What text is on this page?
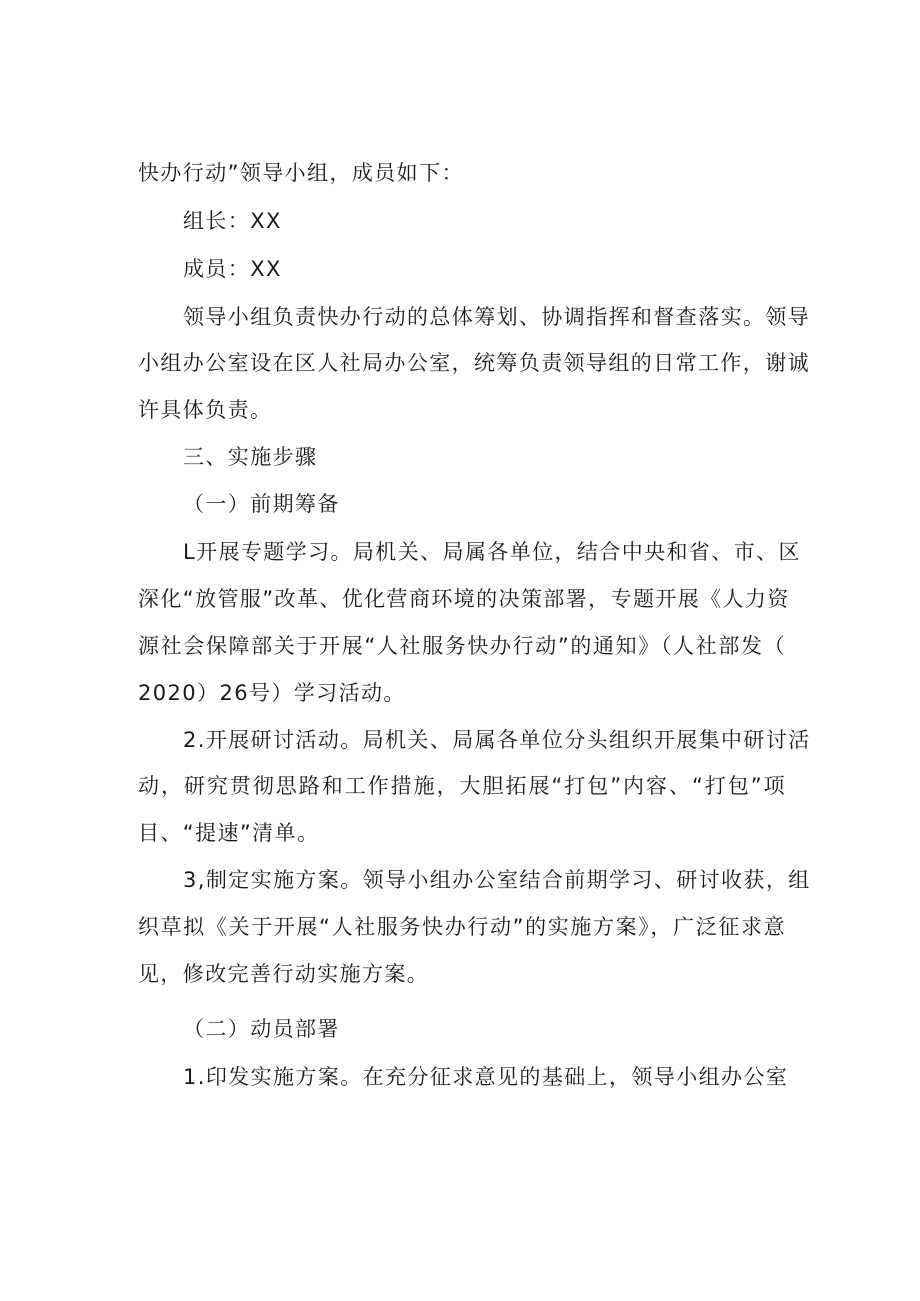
快办行动”领导小组，成员如下：
组长：XX
成员：XX
领导小组负责快办行动的总体筹划、协调指挥和督查落实。领导
小组办公室设在区人社局办公室，统筹负责领导组的日常工作，谢诚
许具体负责。
三、实施步骤
（一）前期筹备
L开展专题学习。局机关、局属各单位，结合中央和省、市、区
深化“放管服”改革、优化营商环境的决策部署，专题开展《人力资
源社会保障部关于开展“人社服务快办行动”的通知》（人社部发（
2020）26号）学习活动。
2.开展研讨活动。局机关、局属各单位分头组织开展集中研讨活
动，研究贯彻思路和工作措施，大胆拓展“打包”内容、“打包”项
目、“提速”清单。
3,制定实施方案。领导小组办公室结合前期学习、研讨收获，组
织草拟《关于开展“人社服务快办行动”的实施方案》，广泛征求意
见，修改完善行动实施方案。
（二）动员部署
1.印发实施方案。在充分征求意见的基础上，领导小组办公室
